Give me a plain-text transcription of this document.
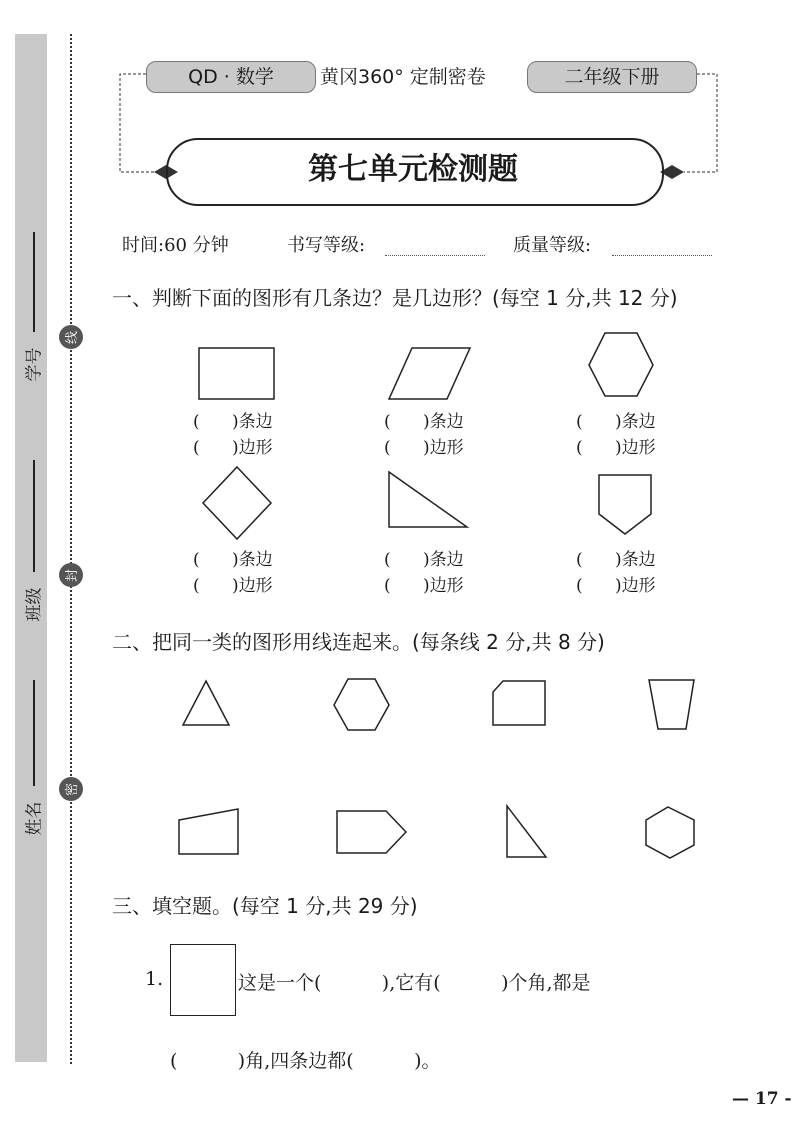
学号
班级
姓名
线
封
密
QD · 数学	黄冈360° 定制密卷	二年级下册
第七单元检测题
时间:60 分钟	书写等级:	质量等级:
一、判断下面的图形有几条边？是几边形？(每空 1 分,共 12 分)
(      )条边
(      )边形
(      )条边
(      )边形
(      )条边
(      )边形
(      )条边
(      )边形
(      )条边
(      )边形
(      )条边
(      )边形
二、把同一类的图形用线连起来。(每条线 2 分,共 8 分)
三、填空题。(每空 1 分,共 29 分)
1.	这是一个(          ),它有(          )个角,都是
(          )角,四条边都(          )。
— 17 -
